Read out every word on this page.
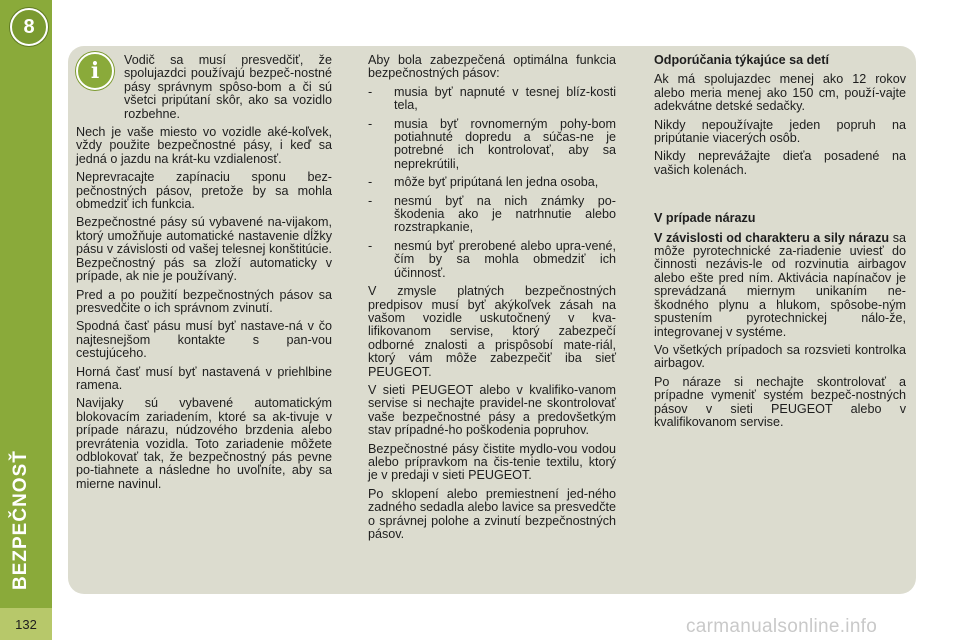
8
BEZPEČNOSŤ
132
i Vodič sa musí presvedčiť, že spolujazdci používajú bezpeč-nostné pásy správnym spôso-bom a či sú všetci pripútaní skôr, ako sa vozidlo rozbehne.

Nech je vaše miesto vo vozidle aké-koľvek, vždy použite bezpečnostné pásy, i keď sa jedná o jazdu na krát-ku vzdialenosť.

Neprevracajte zapínaciu sponu bez-pečnostných pásov, pretože by sa mohla obmedziť ich funkcia.

Bezpečnostné pásy sú vybavené na-vijakom, ktorý umožňuje automatické nastavenie dĺžky pásu v závislosti od vašej telesnej konštitúcie. Bezpečnostný pás sa zloží automaticky v prípade, ak nie je používaný.

Pred a po použití bezpečnostných pásov sa presvedčite o ich správnom zvinutí.

Spodná časť pásu musí byť nastave-ná v čo najtesnejšom kontakte s pan-vou cestujúceho.

Horná časť musí byť nastavená v priehlbine ramena.

Navijaky sú vybavené automatickým blokovacím zariadením, ktoré sa ak-tivuje v prípade nárazu, núdzového brzdenia alebo prevrátenia vozidla. Toto zariadenie môžete odblokovať tak, že bezpečnostný pás pevne po-tiahnete a následne ho uvoľníte, aby sa mierne navinul.

Aby bola zabezpečená optimálna funkcia bezpečnostných pásov:

-	musia byť napnuté v tesnej blíz-kosti tela,
-	musia byť rovnomerným pohy-bom potiahnuté dopredu a súčas-ne je potrebné ich kontrolovať, aby sa neprekrútili,
-	môže byť pripútaná len jedna osoba,
-	nesmú byť na nich známky po-škodenia ako je natrhnutie alebo rozstrapkanie,
-	nesmú byť prerobené alebo upra-vené, čím by sa mohla obmedziť ich účinnosť.

V zmysle platných bezpečnostných predpisov musí byť akýkoľvek zásah na vašom vozidle uskutočnený v kva-lifikovanom servise, ktorý zabezpečí odborné znalosti a prispôsobí mate-riál, ktorý vám môže zabezpečiť iba sieť PEUGEOT.

V sieti PEUGEOT alebo v kvalifiko-vanom servise si nechajte pravidel-ne skontrolovať vaše bezpečnostné pásy a predovšetkým stav prípadné-ho poškodenia popruhov.

Bezpečnostné pásy čistite mydlo-vou vodou alebo prípravkom na čis-tenie textilu, ktorý je v predaji v sieti PEUGEOT.

Po sklopení alebo premiestnení jed-ného zadného sedadla alebo lavice sa presvedčte o správnej polohe a zvinutí bezpečnostných pásov.

Odporúčania týkajúce sa detí

Ak má spolujazdec menej ako 12 rokov alebo meria menej ako 150 cm, použí-vajte adekvátne detské sedačky.

Nikdy nepoužívajte jeden popruh na pripútanie viacerých osôb.

Nikdy neprevážajte dieťa posadené na vašich kolenách.

V prípade nárazu

V závislosti od charakteru a sily nárazu sa môže pyrotechnické za-riadenie uviesť do činnosti nezávis-le od rozvinutia airbagov alebo ešte pred ním. Aktivácia napínačov je sprevádzaná miernym unikaním ne-škodného plynu a hlukom, spôsobe-ným spustením pyrotechnickej nálo-že, integrovanej v systéme.

Vo všetkých prípadoch sa rozsvieti kontrolka airbagov.

Po náraze si nechajte skontrolovať a prípadne vymeniť systém bezpeč-nostných pásov v sieti PEUGEOT alebo v kvalifikovanom servise.

carmanualsonline.info
